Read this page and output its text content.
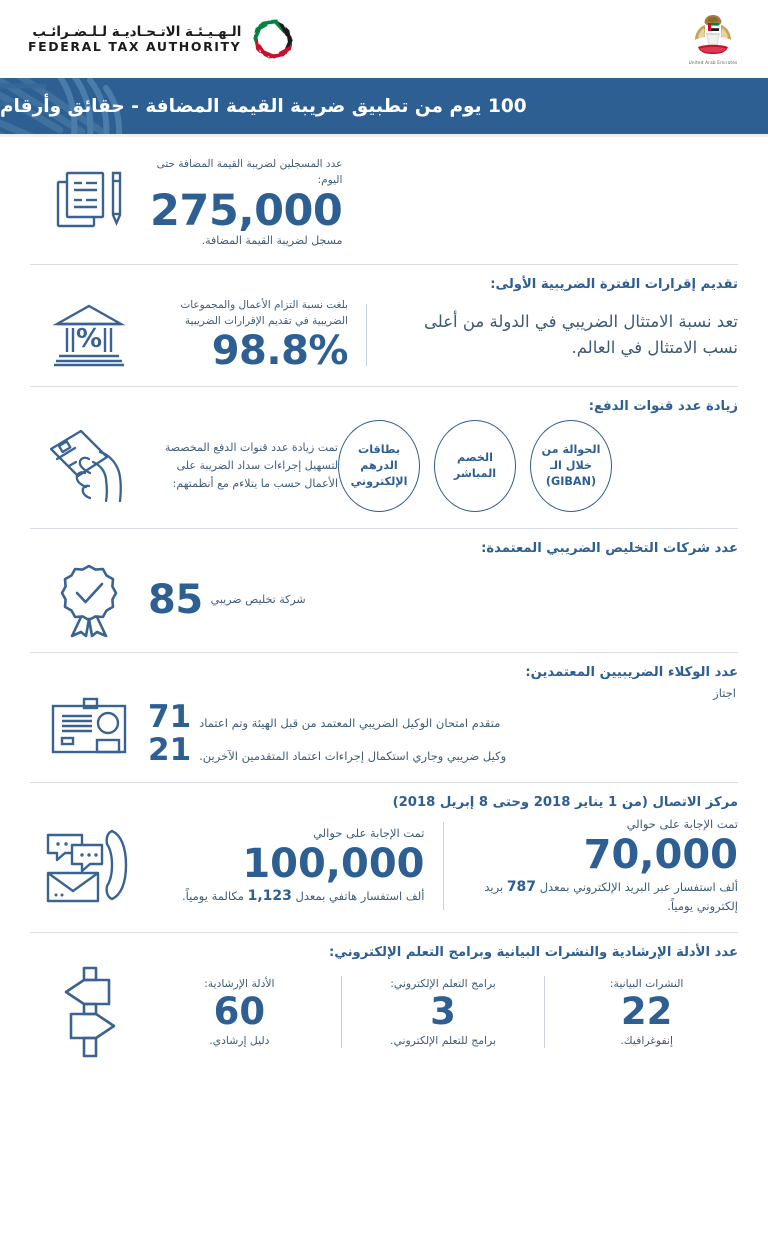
الـهـيـئـة الاتـحـاديـة لـلـضـرائـب
FEDERAL TAX AUTHORITY
United Arab Emirates
100 يوم من تطبيق ضريبة القيمة المضافة - حقائق وأرقام
عدد المسجلين لضريبة القيمة المضافة حتى اليوم:
275,000
مسجل لضريبة القيمة المضافة.
تقديم إقرارات الفترة الضريبية الأولى:
%
بلغت نسبة التزام الأعمال والمجموعات الضريبية في تقديم الإقرارات الضريبية
98.8%
تعد نسبة الامتثال الضريبي في الدولة من أعلى نسب الامتثال في العالم.
زيادة عدد قنوات الدفع:
تمت زيادة عدد قنوات الدفع المخصصة لتسهيل إجراءات سداد الضريبة على الأعمال حسب ما يتلاءم مع أنظمتهم:
بطاقات الدرهم الإلكتروني
الخصم المباشر
الحوالة من خلال الـ (GIBAN)
عدد شركات التخليص الضريبي المعتمدة:
85 شركة تخليص ضريبي
عدد الوكلاء الضريبيين المعتمدين:
اجتاز
71 متقدم امتحان الوكيل الضريبي المعتمد من قبل الهيئة وتم اعتماد
21 وكيل ضريبي وجاري استكمال إجراءات اعتماد المتقدمين الآخرين.
مركز الاتصال (من 1 يناير 2018 وحتى 8 إبريل 2018)
تمت الإجابة على حوالي
100,000
ألف استفسار هاتفي بمعدل 1,123 مكالمة يومياً.
تمت الإجابة على حوالي
70,000
ألف استفسار عبر البريد الإلكتروني بمعدل 787 بريد إلكتروني يومياً.
عدد الأدلة الإرشادية والنشرات البيانية وبرامج التعلم الإلكتروني:
الأدلة الإرشادية:
60
دليل إرشادي.
برامج التعلم الإلكتروني:
3
برامج للتعلم الإلكتروني.
النشرات البيانية:
22
إنفوغرافيك.
